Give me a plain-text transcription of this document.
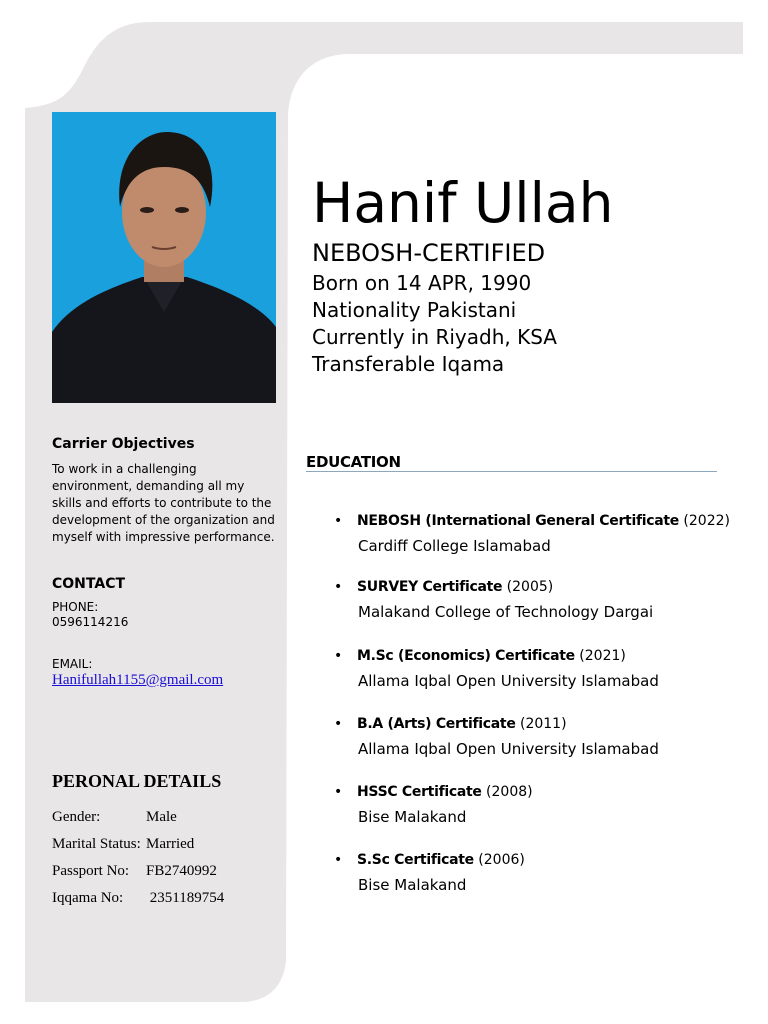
Hanif Ullah
NEBOSH-CERTIFIED
Born on 14 APR, 1990
Nationality Pakistani
Currently in Riyadh, KSA
Transferable Iqama
Carrier Objectives
To work in a challenging environment, demanding all my skills and efforts to contribute to the development of the organization and myself with impressive performance.
CONTACT
PHONE:
0596114216
EMAIL:
Hanifullah1155@gmail.com
PERONAL DETAILS
Gender:	Male
Marital Status: Married
Passport No: FB2740992
Iqqama No: 2351189754
EDUCATION
• NEBOSH (International General Certificate (2022)
Cardiff College Islamabad
• SURVEY Certificate (2005)
Malakand College of Technology Dargai
• M.Sc (Economics) Certificate (2021)
Allama Iqbal Open University Islamabad
• B.A (Arts) Certificate (2011)
Allama Iqbal Open University Islamabad
• HSSC Certificate (2008)
Bise Malakand
• S.Sc Certificate (2006)
Bise Malakand
